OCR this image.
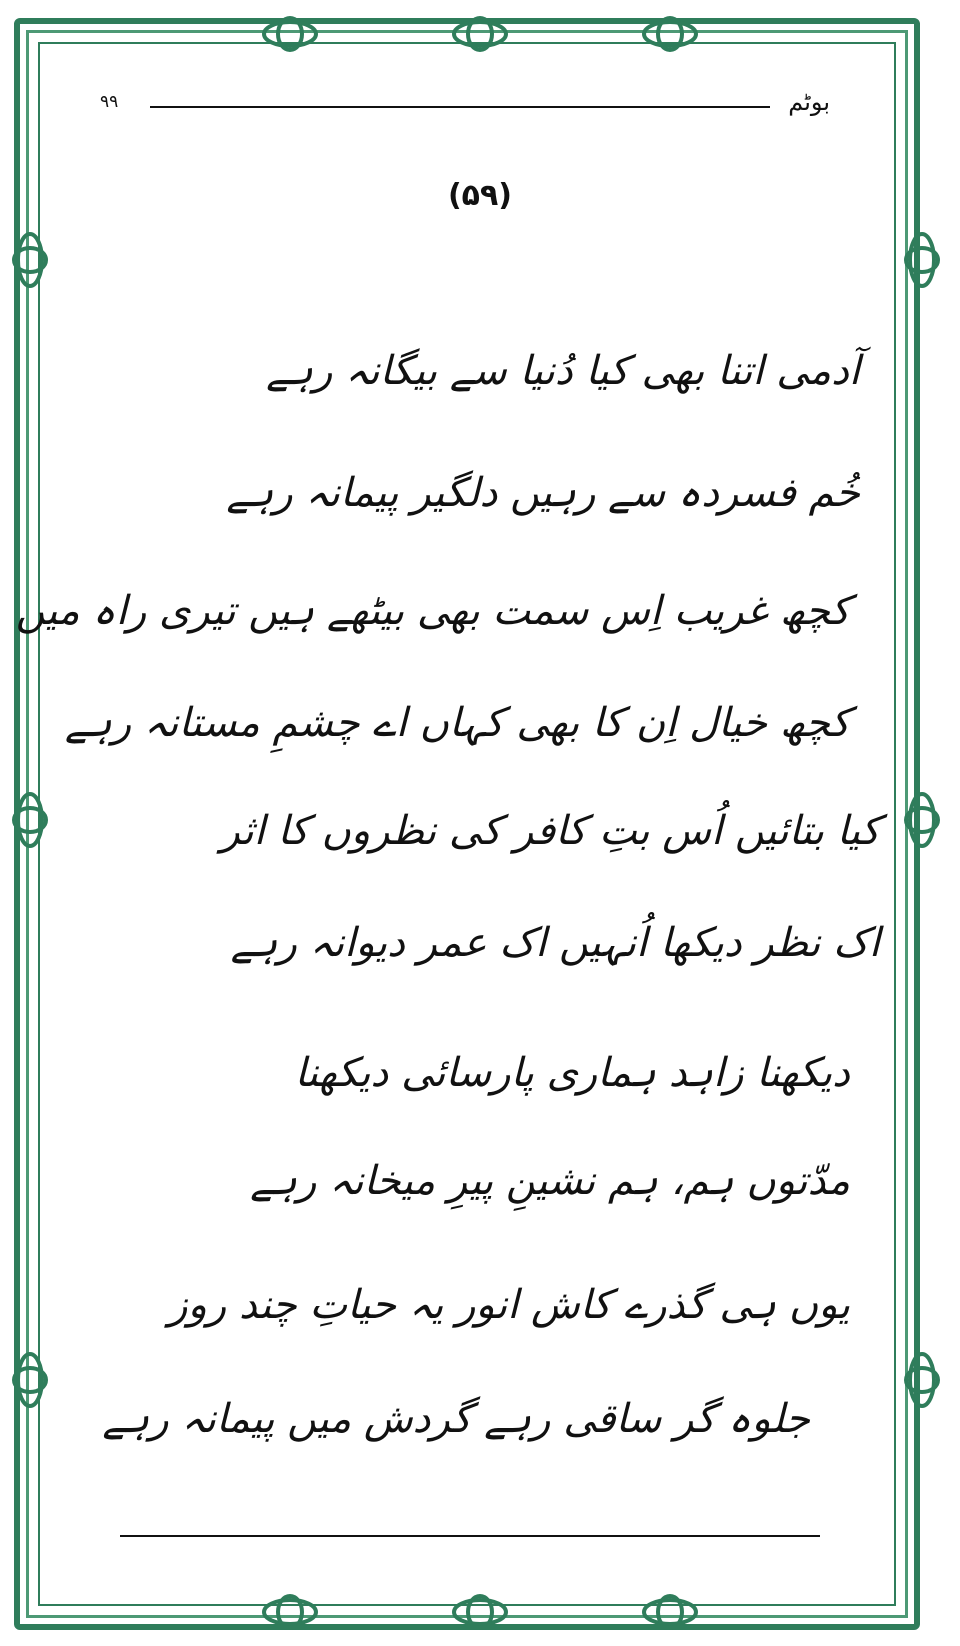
۹۹	بوٹم
(۵۹)
آدمی اتنا بھی کیا دُنیا سے بیگانہ رہے
خُم فسردہ سے رہیں دلگیر پیمانہ رہے
کچھ غریب اِس سمت بھی بیٹھے ہیں تیری راہ میں
کچھ خیال اِن کا بھی کہاں اے چشمِ مستانہ رہے
کیا بتائیں اُس بتِ کافر کی نظروں کا اثر
اک نظر دیکھا اُنہیں اک عمر دیوانہ رہے
دیکھنا زاہد ہماری پارسائی دیکھنا
مدّتوں ہم، ہم نشینِ پیرِ میخانہ رہے
یوں ہی گذرے کاش انور یہ حیاتِ چند روز
جلوہ گر ساقی رہے گردش میں پیمانہ رہے
